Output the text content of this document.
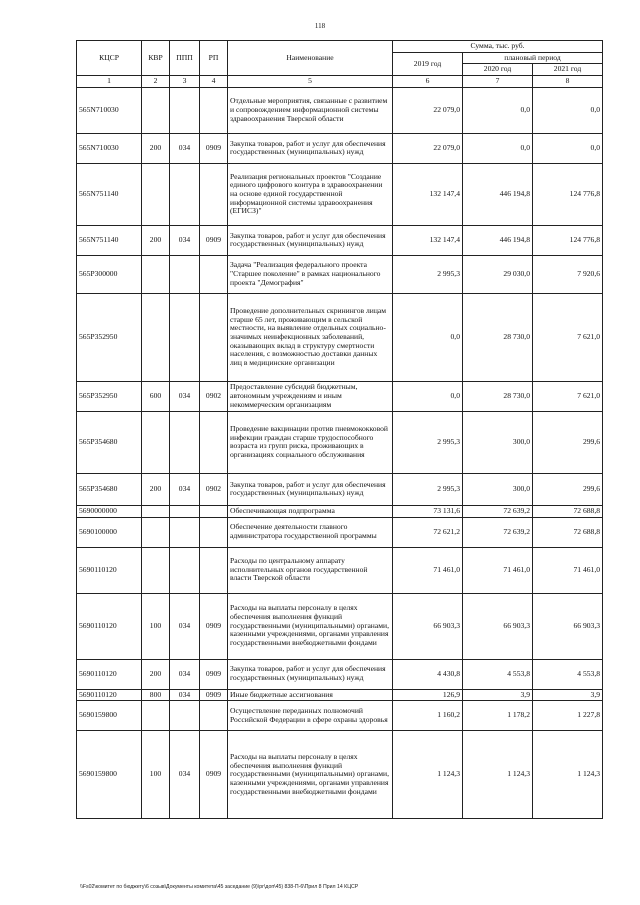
118
КЦСР	КВР	ППП	РП	Наименование	Сумма, тыс. руб.		
					2019 год	плановый период	
						2020 год	2021 год
1	2	3	4	5	6	7	8
565N710030				Отдельные мероприятия, связанные с развитием и сопровождением информационной системы здравоохранения Тверской области	22 079,0	0,0	0,0
565N710030	200	034	0909	Закупка товаров, работ и услуг для обеспечения государственных (муниципальных) нужд	22 079,0	0,0	0,0
565N751140				Реализация региональных проектов "Создание единого цифрового контура в здравоохранении на основе единой государственной информационной системы здравоохранения (ЕГИСЗ)"	132 147,4	446 194,8	124 776,8
565N751140	200	034	0909	Закупка товаров, работ и услуг для обеспечения государственных (муниципальных) нужд	132 147,4	446 194,8	124 776,8
565P300000				Задача "Реализация федерального проекта "Старшее поколение" в рамках национального проекта "Демография"	2 995,3	29 030,0	7 920,6
565P352950				Проведение дополнительных скринингов лицам старше 65 лет, проживающим в сельской местности, на выявление отдельных социально-значимых неинфекционных заболеваний, оказывающих вклад в структуру смертности населения, с возможностью доставки данных лиц в медицинские организации	0,0	28 730,0	7 621,0
565P352950	600	034	0902	Предоставление субсидий бюджетным, автономным учреждениям и иным некоммерческим организациям	0,0	28 730,0	7 621,0
565P354680				Проведение вакцинации против пневмококковой инфекции граждан старше трудоспособного возраста из групп риска, проживающих в организациях социального обслуживания	2 995,3	300,0	299,6
565P354680	200	034	0902	Закупка товаров, работ и услуг для обеспечения государственных (муниципальных) нужд	2 995,3	300,0	299,6
5690000000				Обеспечивающая подпрограмма	73 131,6	72 639,2	72 688,8
5690100000				Обеспечение деятельности главного администратора государственной программы	72 621,2	72 639,2	72 688,8
5690110120				Расходы по центральному аппарату исполнительных органов государственной власти Тверской области	71 461,0	71 461,0	71 461,0
5690110120	100	034	0909	Расходы на выплаты персоналу в целях обеспечения выполнения функций государственными (муниципальными) органами, казенными учреждениями, органами управления государственными внебюджетными фондами	66 903,3	66 903,3	66 903,3
5690110120	200	034	0909	Закупка товаров, работ и услуг для обеспечения государственных (муниципальных) нужд	4 430,8	4 553,8	4 553,8
5690110120	800	034	0909	Иные бюджетные ассигнования	126,9	3,9	3,9
5690159800				Осуществление переданных полномочий Российской Федерации в сфере охраны здоровья	1 160,2	1 178,2	1 227,8
5690159800	100	034	0909	Расходы на выплаты персоналу в целях обеспечения выполнения функций государственными (муниципальными) органами, казенными учреждениями, органами управления государственными внебюджетными фондами	1 124,3	1 124,3	1 124,3
\\Fs02\комитет по бюджету\6 созыв\Документы комитета\45 заседание (9)\рг\доп\45) 838-П-6\Прил 8 Прил 14 КЦСР
